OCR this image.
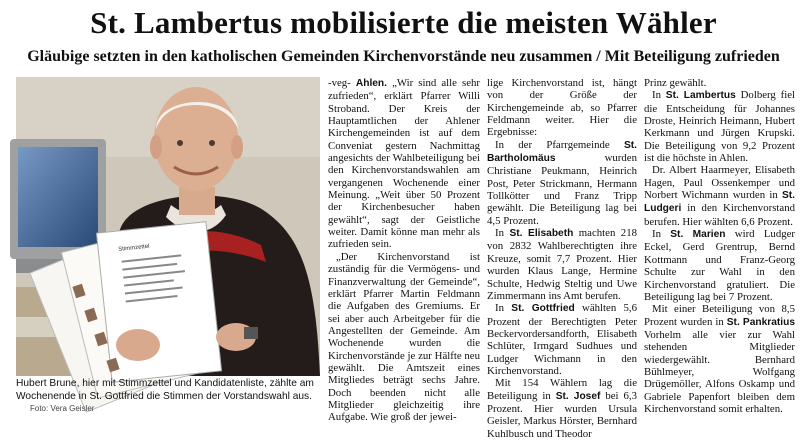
St. Lambertus mobilisierte die meisten Wähler
Gläubige setzten in den katholischen Gemeinden Kirchenvorstände neu zusammen / Mit Beteiligung zufrieden
Stimmzettel
Hubert Brune, hier mit Stimmzettel und Kandidatenliste, zählte am Wochenende in St. Gottfried die Stimmen der Vorstandswahl aus. Foto: Vera Geisler

-veg- Ahlen. „Wir sind alle sehr zufrieden“, erklärt Pfarrer Willi Stroband. Der Kreis der Hauptamtlichen der Ahlener Kirchengemeinden ist auf dem Conveniat gestern Nachmittag angesichts der Wahlbeteiligung bei den Kirchenvorstandswahlen am vergangenen Wochenende einer Meinung. „Weit über 50 Prozent der Kirchenbesucher haben gewählt“, sagt der Geistliche weiter. Damit könne man mehr als zufrieden sein.

„Der Kirchenvorstand ist zuständig für die Vermögens- und Finanzverwaltung der Gemeinde“, erklärt Pfarrer Martin Feldmann die Aufgaben des Gremiums. Er sei aber auch Arbeitgeber für die Angestellten der Gemeinde. Am Wochenende wurden die Kirchenvorstände je zur Hälfte neu gewählt. Die Amtszeit eines Mitgliedes beträgt sechs Jahre. Doch beenden nicht alle Mitglieder gleichzeitig ihre Aufgabe. Wie groß der jewei-

lige Kirchenvorstand ist, hängt von der Größe der Kirchengemeinde ab, so Pfarrer Feldmann weiter. Hier die Ergebnisse:

In der Pfarrgemeinde St. Bartholomäus wurden Christiane Peukmann, Heinrich Post, Peter Strickmann, Hermann Tollkötter und Franz Tripp gewählt. Die Beteiligung lag bei 4,5 Prozent.

In St. Elisabeth machten 218 von 2832 Wahlberechtigten ihre Kreuze, somit 7,7 Prozent. Hier wurden Klaus Lange, Hermine Schulte, Hedwig Steltig und Uwe Zimmermann ins Amt berufen.

In St. Gottfried wählten 5,6 Prozent der Berechtigten Peter Beckervordersandforth, Elisabeth Schlüter, Irmgard Sudhues und Ludger Wichmann in den Kirchenvorstand.

Mit 154 Wählern lag die Beteiligung in St. Josef bei 6,3 Prozent. Hier wurden Ursula Geisler, Markus Hörster, Bernhard Kuhlbusch und Theodor

Prinz gewählt.

In St. Lambertus Dolberg fiel die Entscheidung für Johannes Droste, Heinrich Heimann, Hubert Kerkmann und Jürgen Krupski. Die Beteiligung von 9,2 Prozent ist die höchste in Ahlen.

Dr. Albert Haarmeyer, Elisabeth Hagen, Paul Ossenkemper und Norbert Wichmann wurden in St. Ludgeri in den Kirchenvorstand berufen. Hier wählten 6,6 Prozent.

In St. Marien wird Ludger Eckel, Gerd Grentrup, Bernd Kottmann und Franz-Georg Schulte zur Wahl in den Kirchenvorstand gratuliert. Die Beteiligung lag bei 7 Prozent.

Mit einer Beteiligung von 8,5 Prozent wurden in St. Pankratius Vorhelm alle vier zur Wahl stehenden Mitglieder wiedergewählt. Bernhard Bühlmeyer, Wolfgang Drügemöller, Alfons Oskamp und Gabriele Papenfort bleiben dem Kirchenvorstand somit erhalten.
